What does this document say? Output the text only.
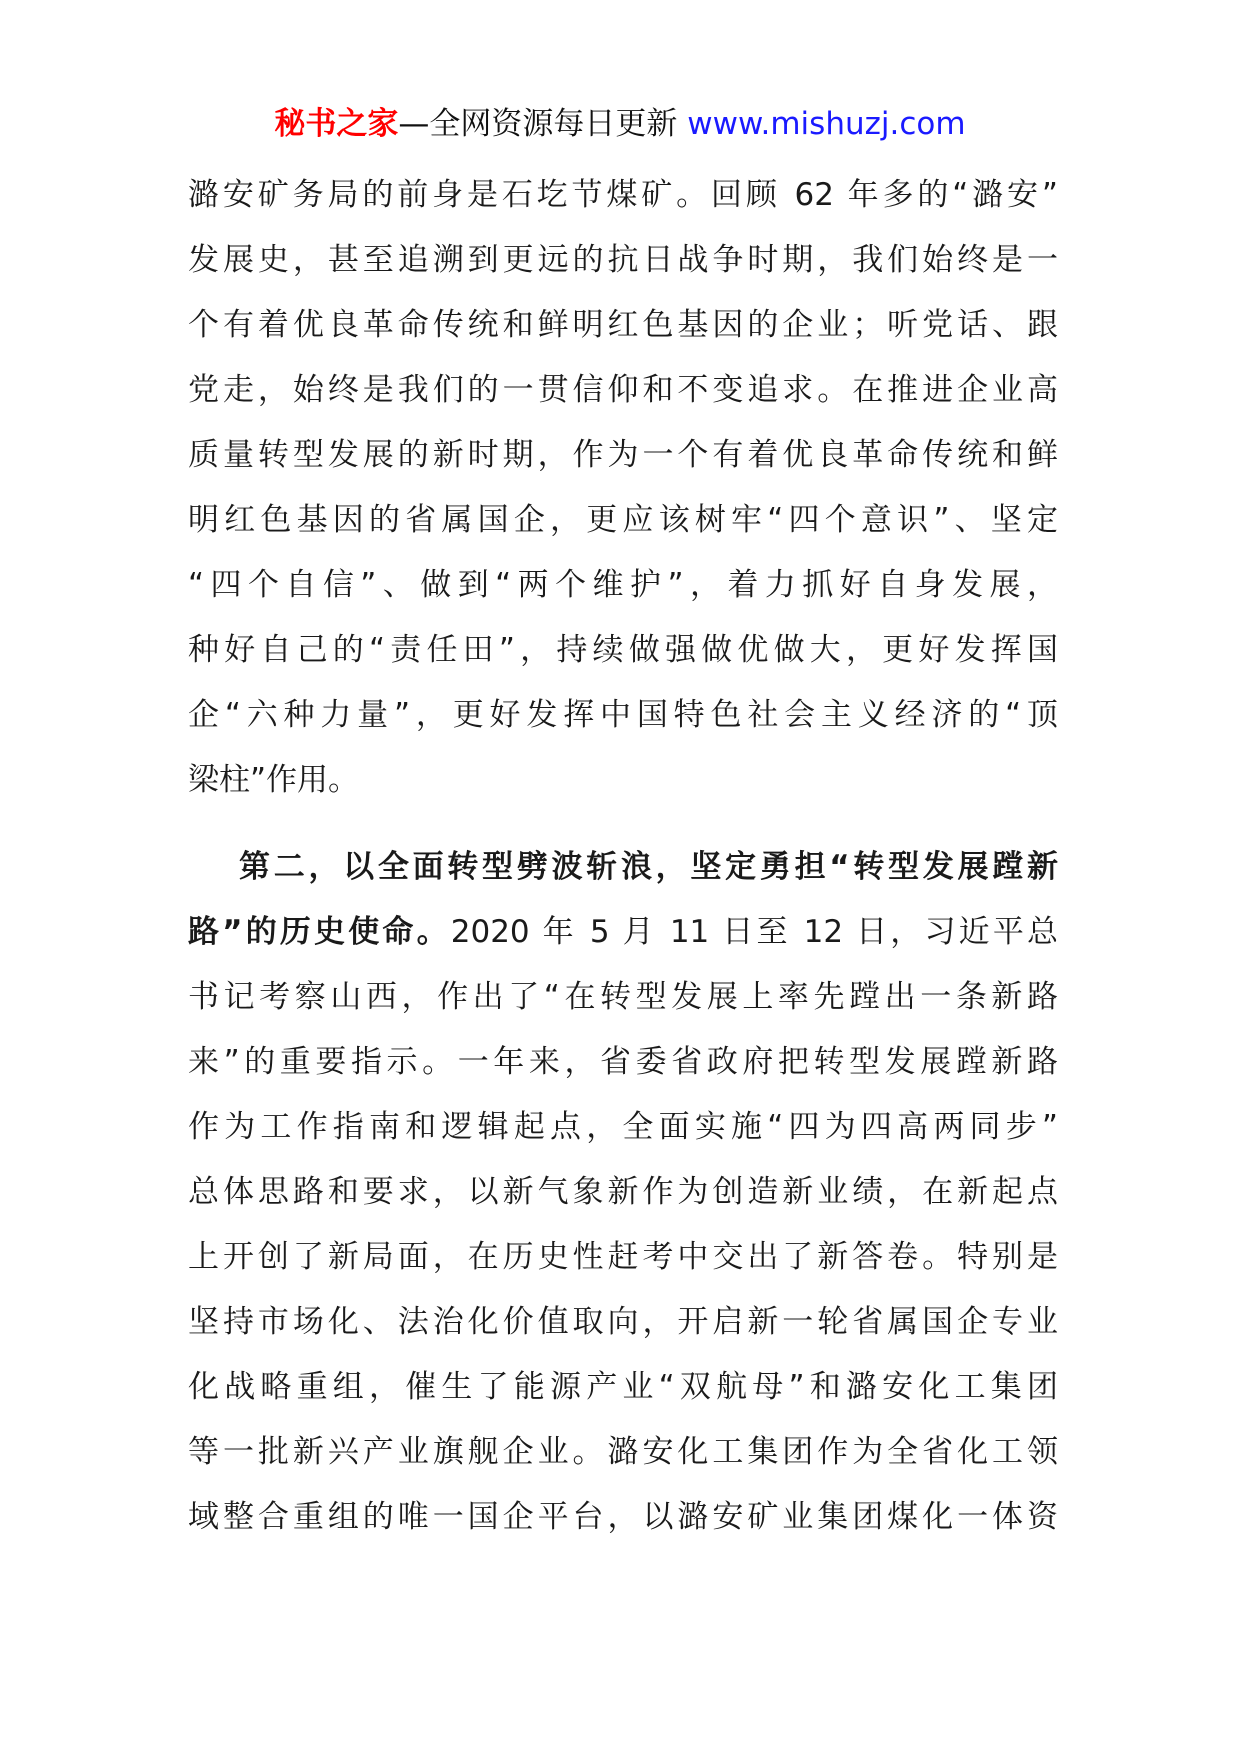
秘书之家—全网资源每日更新 www.mishuzj.com
潞安矿务局的前身是石圪节煤矿。回顾 62 年多的“潞安”
发展史，甚至追溯到更远的抗日战争时期，我们始终是一
个有着优良革命传统和鲜明红色基因的企业；听党话、跟
党走，始终是我们的一贯信仰和不变追求。在推进企业高
质量转型发展的新时期，作为一个有着优良革命传统和鲜
明红色基因的省属国企，更应该树牢“四个意识”、坚定
“四个自信”、做到“两个维护”，着力抓好自身发展，
种好自己的“责任田”，持续做强做优做大，更好发挥国
企“六种力量”，更好发挥中国特色社会主义经济的“顶
梁柱”作用。
第二，以全面转型劈波斩浪，坚定勇担“转型发展蹚新
路”的历史使命。2020 年 5 月 11 日至 12 日，习近平总
书记考察山西，作出了“在转型发展上率先蹚出一条新路
来”的重要指示。一年来，省委省政府把转型发展蹚新路
作为工作指南和逻辑起点，全面实施“四为四高两同步”
总体思路和要求，以新气象新作为创造新业绩，在新起点
上开创了新局面，在历史性赶考中交出了新答卷。特别是
坚持市场化、法治化价值取向，开启新一轮省属国企专业
化战略重组，催生了能源产业“双航母”和潞安化工集团
等一批新兴产业旗舰企业。潞安化工集团作为全省化工领
域整合重组的唯一国企平台，以潞安矿业集团煤化一体资
